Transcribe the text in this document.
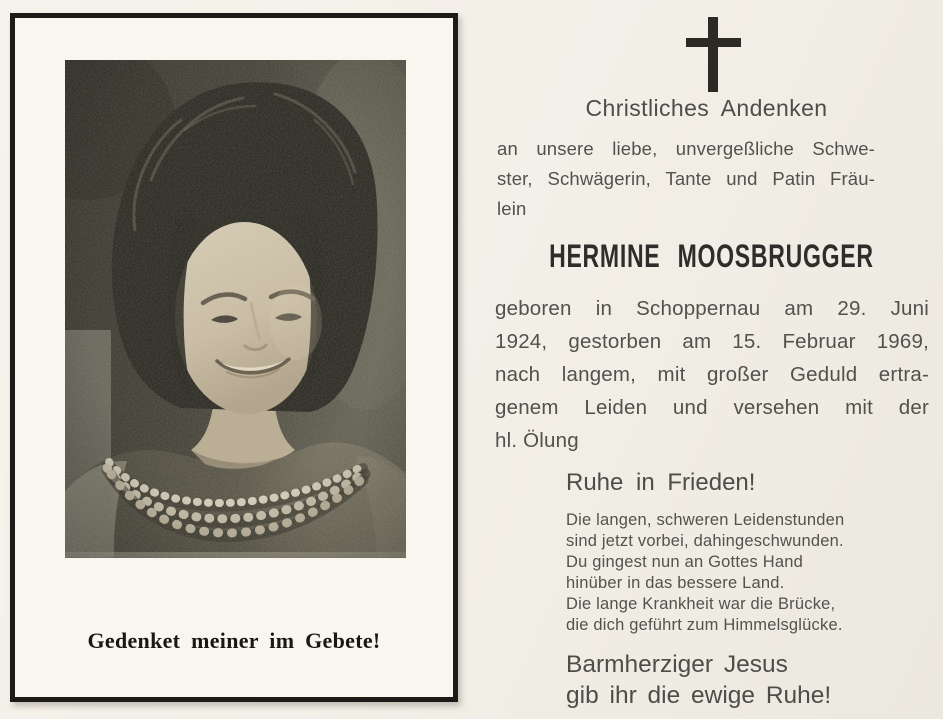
Gedenket meiner im Gebete!
Christliches Andenken
an unsere liebe, unvergeßliche Schwe-
ster, Schwägerin, Tante und Patin Fräu-
lein
HERMINE MOOSBRUGGER
geboren in Schoppernau am 29. Juni
1924, gestorben am 15. Februar 1969,
nach langem, mit großer Geduld ertra-
genem Leiden und versehen mit der
hl. Ölung
Ruhe in Frieden!
Die langen, schweren Leidenstunden
sind jetzt vorbei, dahingeschwunden.
Du gingest nun an Gottes Hand
hinüber in das bessere Land.
Die lange Krankheit war die Brücke,
die dich geführt zum Himmelsglücke.
Barmherziger Jesus
gib ihr die ewige Ruhe!
